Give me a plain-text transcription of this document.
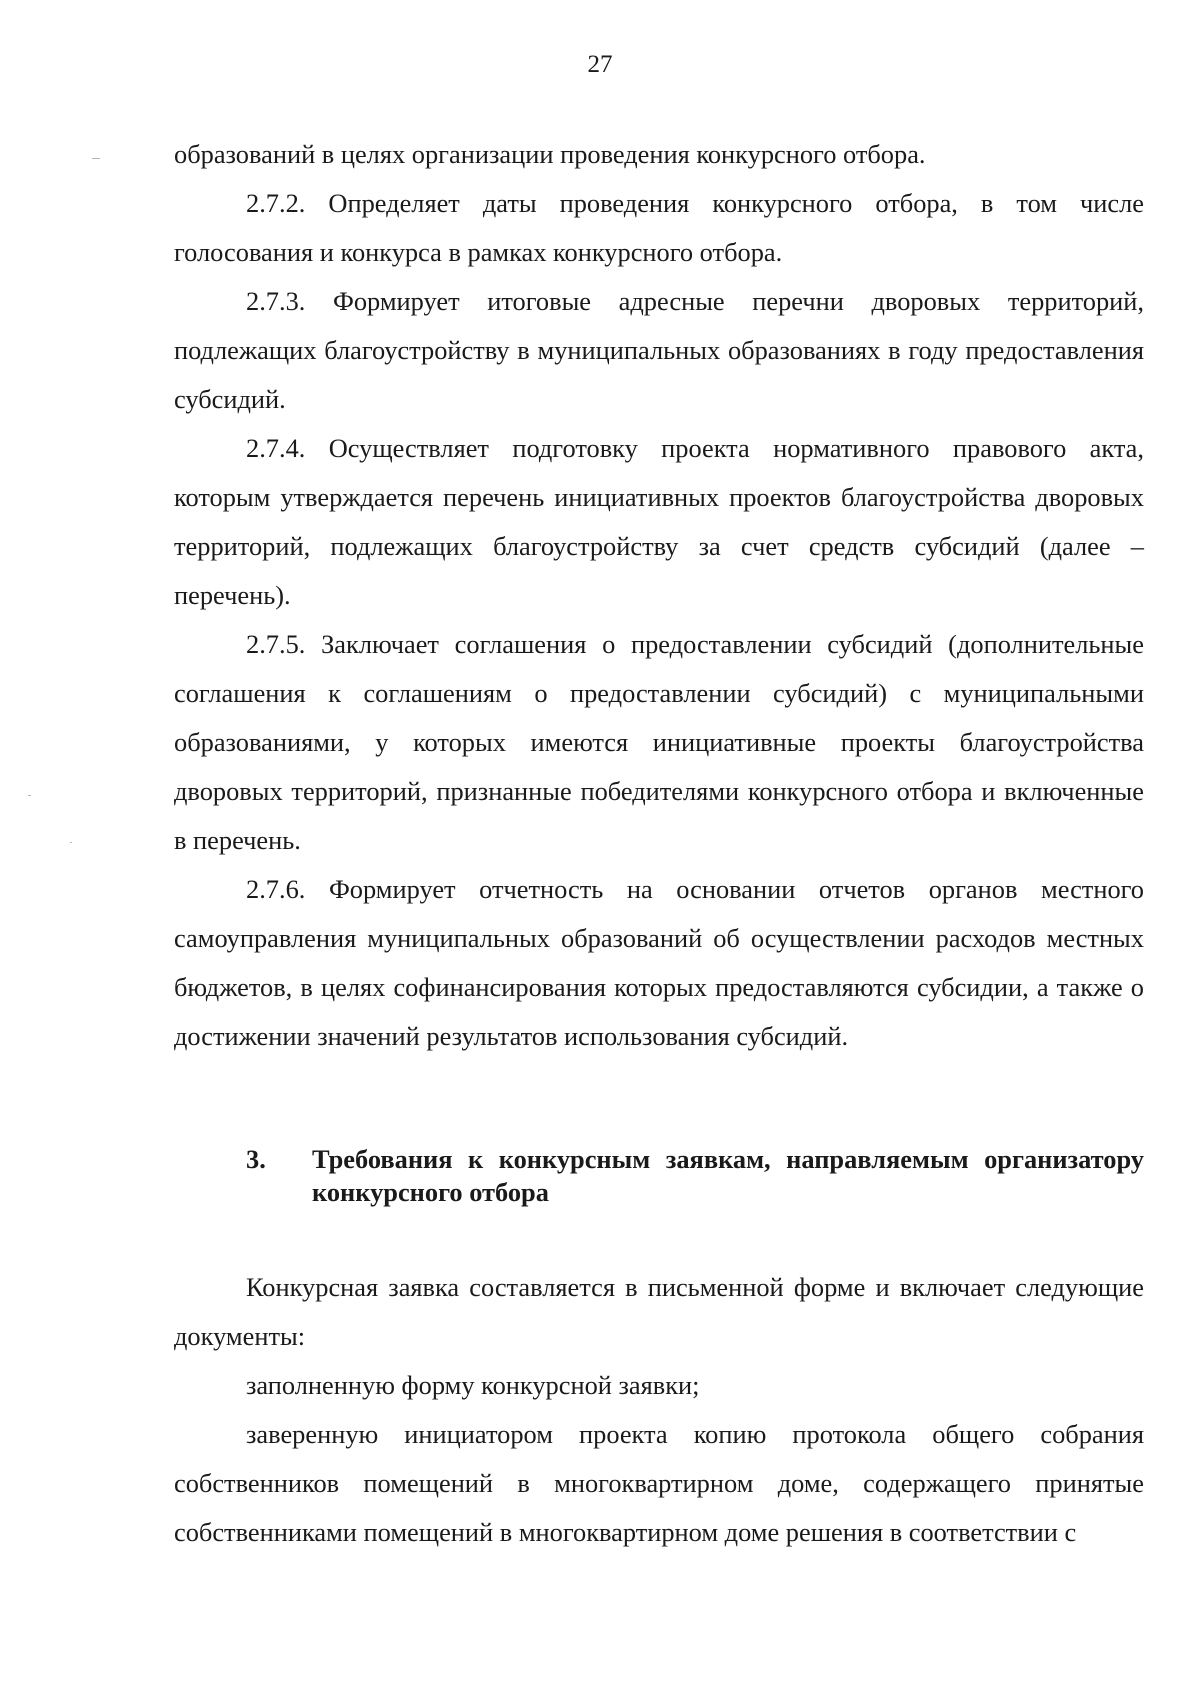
27

образований в целях организации проведения конкурсного отбора.

2.7.2. Определяет даты проведения конкурсного отбора, в том числе голосования и конкурса в рамках конкурсного отбора.

2.7.3. Формирует итоговые адресные перечни дворовых территорий, подлежащих благоустройству в муниципальных образованиях в году предоставления субсидий.

2.7.4. Осуществляет подготовку проекта нормативного правового акта, которым утверждается перечень инициативных проектов благоустройства дворовых территорий, подлежащих благоустройству за счет средств субсидий (далее – перечень).

2.7.5. Заключает соглашения о предоставлении субсидий (дополнительные соглашения к соглашениям о предоставлении субсидий) с муниципальными образованиями, у которых имеются инициативные проекты благоустройства дворовых территорий, признанные победителями конкурсного отбора и включенные в перечень.

2.7.6. Формирует отчетность на основании отчетов органов местного самоуправления муниципальных образований об осуществлении расходов местных бюджетов, в целях софинансирования которых предоставляются субсидии, а также о достижении значений результатов использования субсидий.

3.	Требования к конкурсным заявкам, направляемым организатору конкурсного отбора

Конкурсная заявка составляется в письменной форме и включает следующие документы:

заполненную форму конкурсной заявки;

заверенную инициатором проекта копию протокола общего собрания собственников помещений в многоквартирном доме, содержащего принятые собственниками помещений в многоквартирном доме решения в соответствии с
